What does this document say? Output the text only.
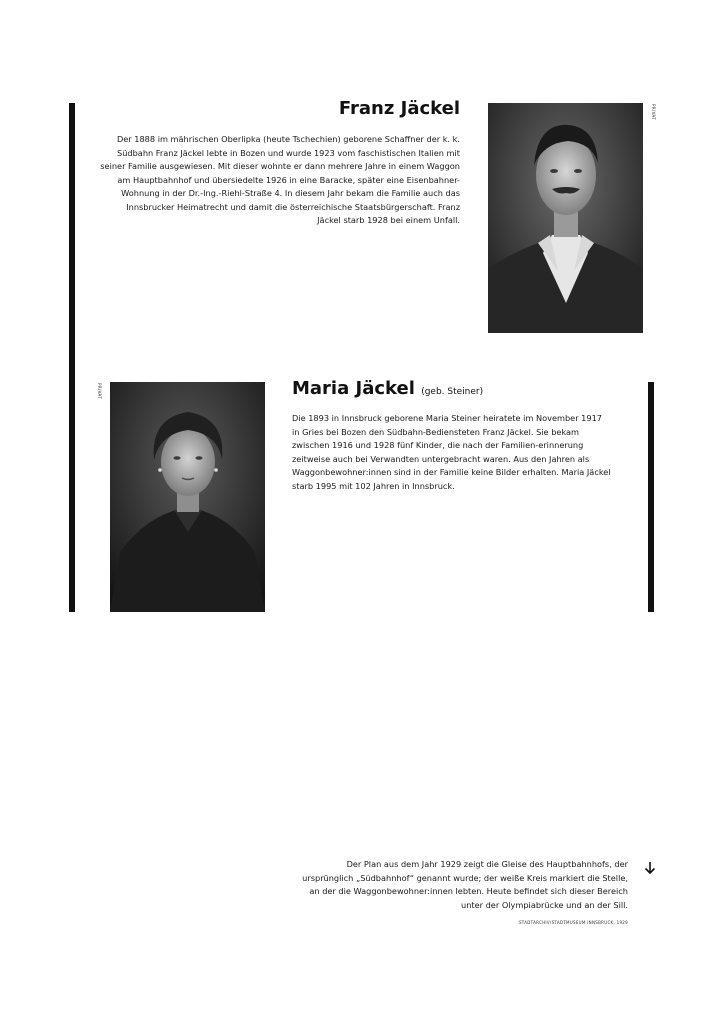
Franz Jäckel

Der 1888 im mährischen Oberlipka (heute Tschechien) geborene Schaffner der k. k. Südbahn Franz Jäckel lebte in Bozen und wurde 1923 vom faschistischen Italien mit seiner Familie ausgewiesen. Mit dieser wohnte er dann mehrere Jahre in einem Waggon am Hauptbahnhof und übersiedelte 1926 in eine Baracke, später eine Eisenbahner-Wohnung in der Dr.-Ing.-Riehl-Straße 4. In diesem Jahr bekam die Familie auch das Innsbrucker Heimatrecht und damit die österreichische Staatsbürgerschaft. Franz Jäckel starb 1928 bei einem Unfall.

PRIVAT
PRIVAT	Maria Jäckel (geb. Steiner)

Die 1893 in Innsbruck geborene Maria Steiner heiratete im November 1917 in Gries bei Bozen den Südbahn-Bediensteten Franz Jäckel. Sie bekam zwischen 1916 und 1928 fünf Kinder, die nach der Familien-erinnerung zeitweise auch bei Verwandten untergebracht waren. Aus den Jahren als Waggonbewohner:innen sind in der Familie keine Bilder erhalten. Maria Jäckel starb 1995 mit 102 Jahren in Innsbruck.

Der Plan aus dem Jahr 1929 zeigt die Gleise des Hauptbahnhofs, der ursprünglich „Südbahnhof“ genannt wurde; der weiße Kreis markiert die Stelle, an der die Waggonbewohner:innen lebten. Heute befindet sich dieser Bereich unter der Olympiabrücke und an der Sill.

STADTARCHIV/STADTMUSEUM INNSBRUCK, 1929
